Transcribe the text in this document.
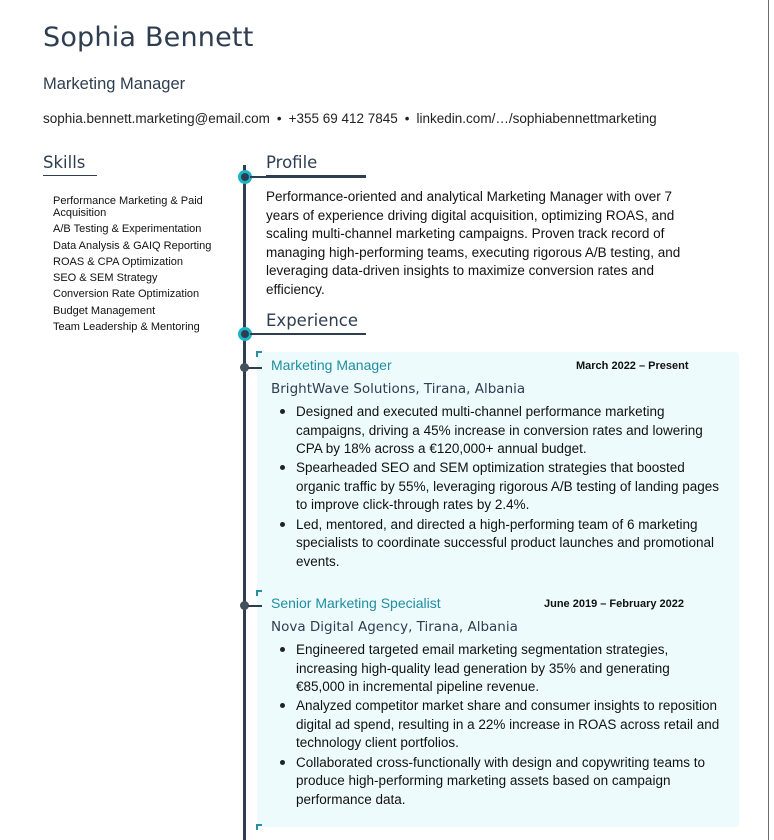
Sophia Bennett
Marketing Manager
sophia.bennett.marketing@email.com • +355 69 412 7845 • linkedin.com/…/sophiabennettmarketing
Skills
Performance Marketing & Paid Acquisition
A/B Testing & Experimentation
Data Analysis & GAIQ Reporting
ROAS & CPA Optimization
SEO & SEM Strategy
Conversion Rate Optimization
Budget Management
Team Leadership & Mentoring
Profile
Performance-oriented and analytical Marketing Manager with over 7 years of experience driving digital acquisition, optimizing ROAS, and scaling multi-channel marketing campaigns. Proven track record of managing high-performing teams, executing rigorous A/B testing, and leveraging data-driven insights to maximize conversion rates and efficiency.
Experience
Marketing Manager	March 2022 – Present
BrightWave Solutions, Tirana, Albania
Designed and executed multi-channel performance marketing campaigns, driving a 45% increase in conversion rates and lowering CPA by 18% across a €120,000+ annual budget.
Spearheaded SEO and SEM optimization strategies that boosted organic traffic by 55%, leveraging rigorous A/B testing of landing pages to improve click-through rates by 2.4%.
Led, mentored, and directed a high-performing team of 6 marketing specialists to coordinate successful product launches and promotional events.
Senior Marketing Specialist	June 2019 – February 2022
Nova Digital Agency, Tirana, Albania
Engineered targeted email marketing segmentation strategies, increasing high-quality lead generation by 35% and generating €85,000 in incremental pipeline revenue.
Analyzed competitor market share and consumer insights to reposition digital ad spend, resulting in a 22% increase in ROAS across retail and technology client portfolios.
Collaborated cross-functionally with design and copywriting teams to produce high-performing marketing assets based on campaign performance data.
